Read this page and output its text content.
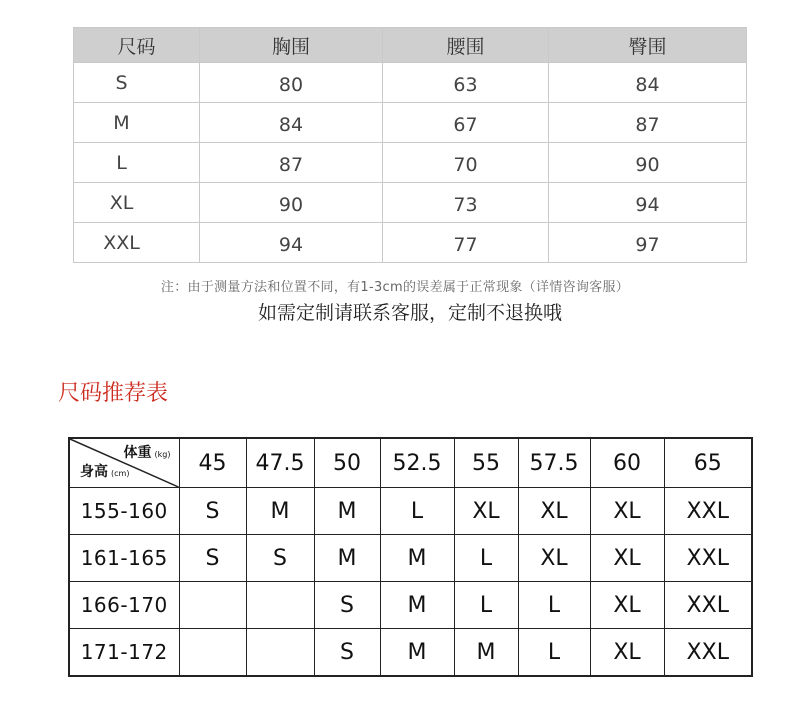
尺码	胸围	腰围	臀围
S	80	63	84
M	84	67	87
L	87	70	90
XL	90	73	94
XXL	94	77	97
注：由于测量方法和位置不同，有1-3cm的误差属于正常现象（详情咨询客服）
如需定制请联系客服，定制不退换哦
尺码推荐表
体重 (kg)
身高 (cm)	45	47.5	50	52.5	55	57.5	60	65
155-160	S	M	M	L	XL	XL	XL	XXL
161-165	S	S	M	M	L	XL	XL	XXL
166-170			S	M	L	L	XL	XXL
171-172			S	M	M	L	XL	XXL
